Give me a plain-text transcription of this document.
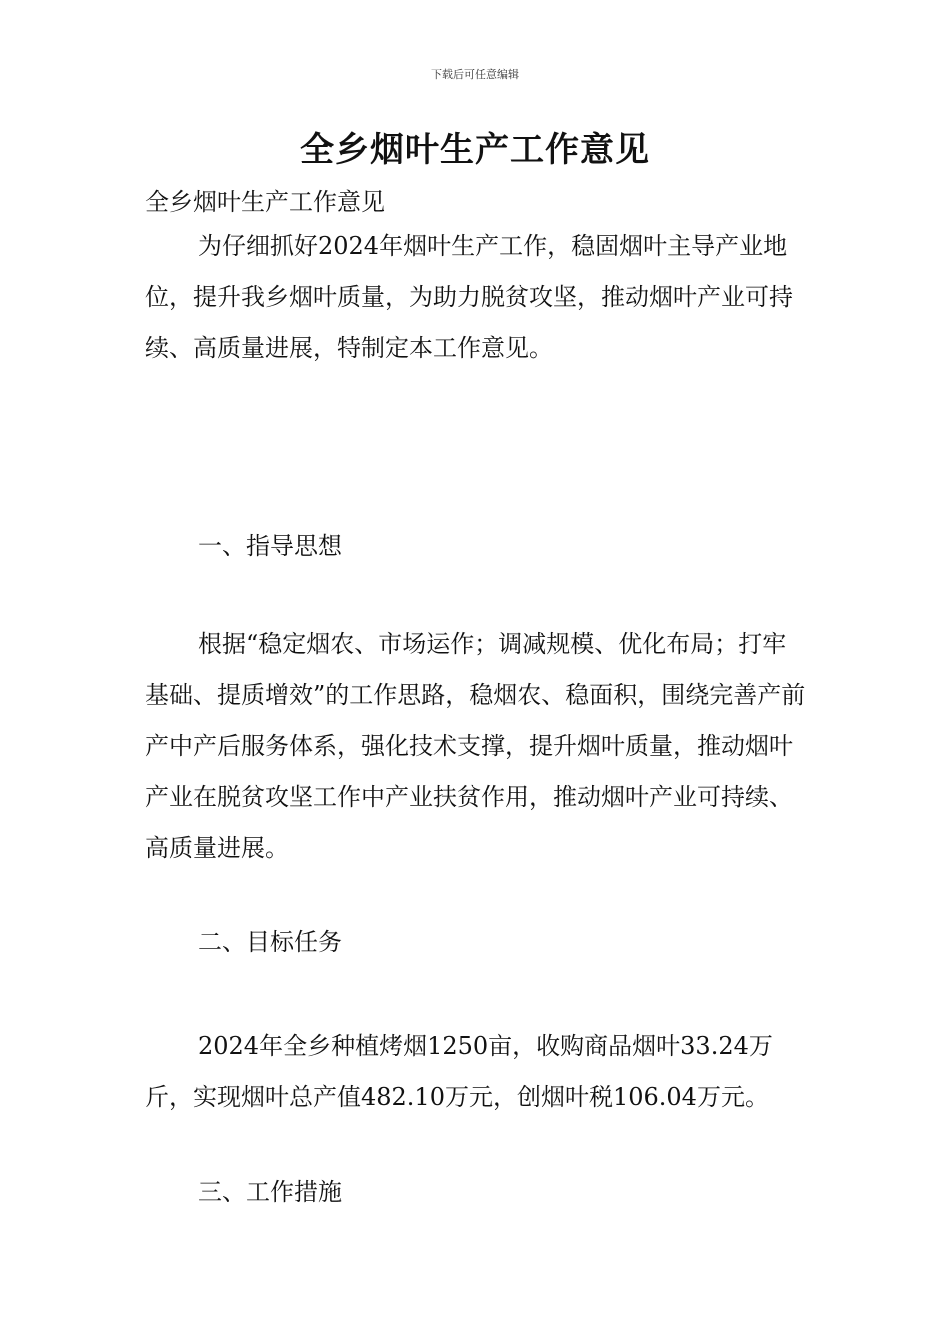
下载后可任意编辑
全乡烟叶生产工作意见

全乡烟叶生产工作意见

为仔细抓好2024年烟叶生产工作，稳固烟叶主导产业地位，提升我乡烟叶质量，为助力脱贫攻坚，推动烟叶产业可持续、高质量进展，特制定本工作意见。

一、指导思想

根据“稳定烟农、市场运作；调减规模、优化布局；打牢基础、提质增效”的工作思路，稳烟农、稳面积，围绕完善产前产中产后服务体系，强化技术支撑，提升烟叶质量，推动烟叶产业在脱贫攻坚工作中产业扶贫作用，推动烟叶产业可持续、高质量进展。

二、目标任务

2024年全乡种植烤烟1250亩，收购商品烟叶33.24万斤，实现烟叶总产值482.10万元，创烟叶税106.04万元。

三、工作措施
